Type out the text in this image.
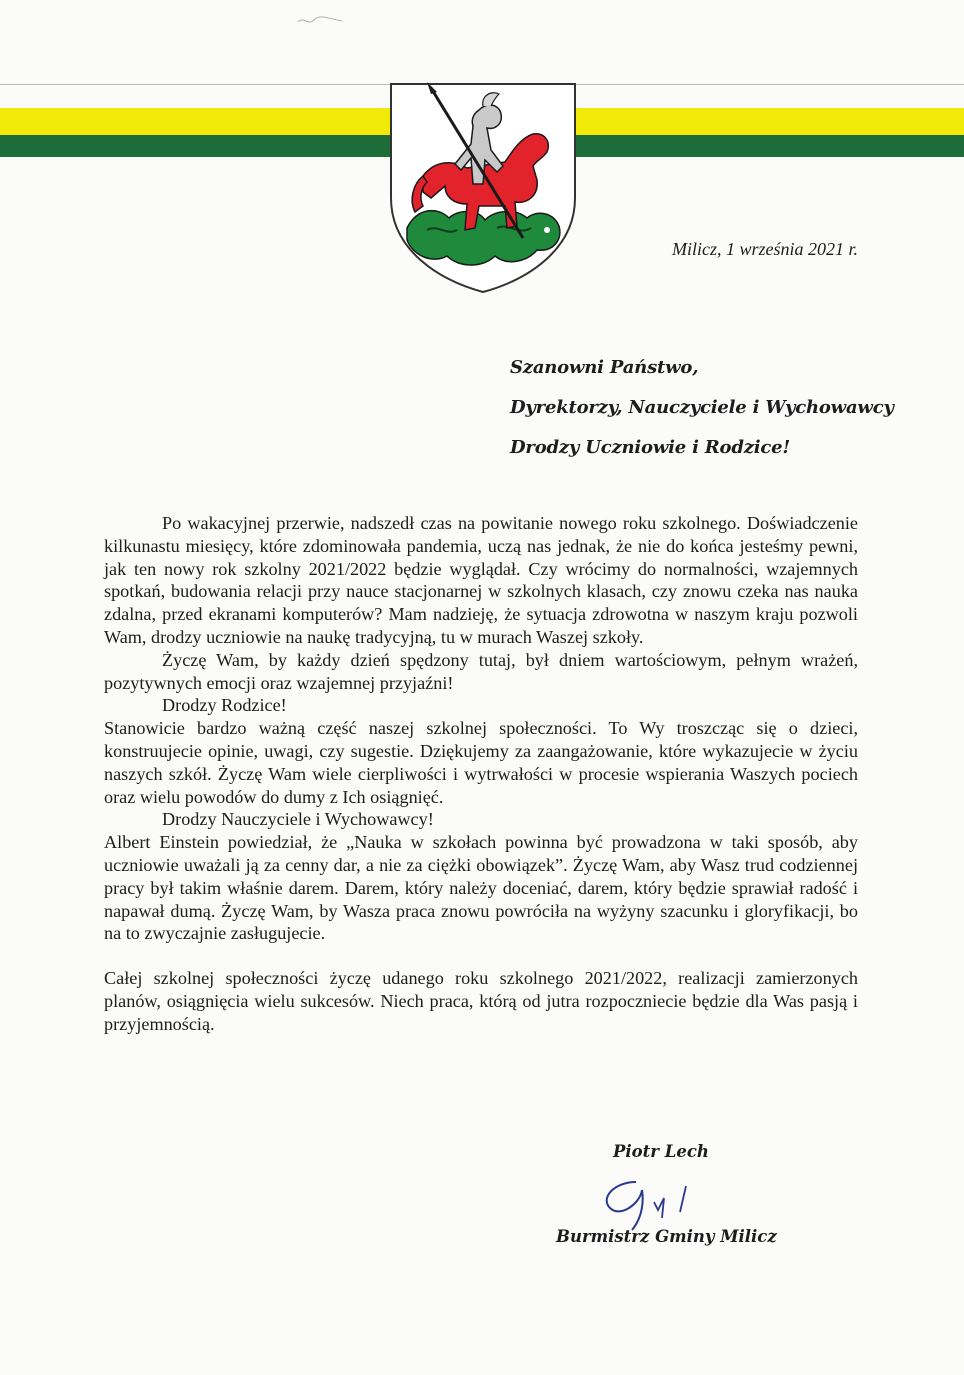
Milicz, 1 września 2021 r.
Szanowni Państwo,
Dyrektorzy, Nauczyciele i Wychowawcy
Drodzy Uczniowie i Rodzice!

Po wakacyjnej przerwie, nadszedł czas na powitanie nowego roku szkolnego. Doświadczenie kilkunastu miesięcy, które zdominowała pandemia, uczą nas jednak, że nie do końca jesteśmy pewni, jak ten nowy rok szkolny 2021/2022 będzie wyglądał. Czy wrócimy do normalności, wzajemnych spotkań, budowania relacji przy nauce stacjonarnej w szkolnych klasach, czy znowu czeka nas nauka zdalna, przed ekranami komputerów? Mam nadzieję, że sytuacja zdrowotna w naszym kraju pozwoli Wam, drodzy uczniowie na naukę tradycyjną, tu w murach Waszej szkoły.

Życzę Wam, by każdy dzień spędzony tutaj, był dniem wartościowym, pełnym wrażeń, pozytywnych emocji oraz wzajemnej przyjaźni!

Drodzy Rodzice!

Stanowicie bardzo ważną część naszej szkolnej społeczności. To Wy troszcząc się o dzieci, konstruujecie opinie, uwagi, czy sugestie. Dziękujemy za zaangażowanie, które wykazujecie w życiu naszych szkół. Życzę Wam wiele cierpliwości i wytrwałości w procesie wspierania Waszych pociech oraz wielu powodów do dumy z Ich osiągnięć.

Drodzy Nauczyciele i Wychowawcy!

Albert Einstein powiedział, że „Nauka w szkołach powinna być prowadzona w taki sposób, aby uczniowie uważali ją za cenny dar, a nie za ciężki obowiązek”. Życzę Wam, aby Wasz trud codziennej pracy był takim właśnie darem. Darem, który należy doceniać, darem, który będzie sprawiał radość i napawał dumą. Życzę Wam, by Wasza praca znowu powróciła na wyżyny szacunku i gloryfikacji, bo na to zwyczajnie zasługujecie.

Całej szkolnej społeczności życzę udanego roku szkolnego 2021/2022, realizacji zamierzonych planów, osiągnięcia wielu sukcesów. Niech praca, którą od jutra rozpoczniecie będzie dla Was pasją i przyjemnością.

Piotr Lech
Burmistrz Gminy Milicz
